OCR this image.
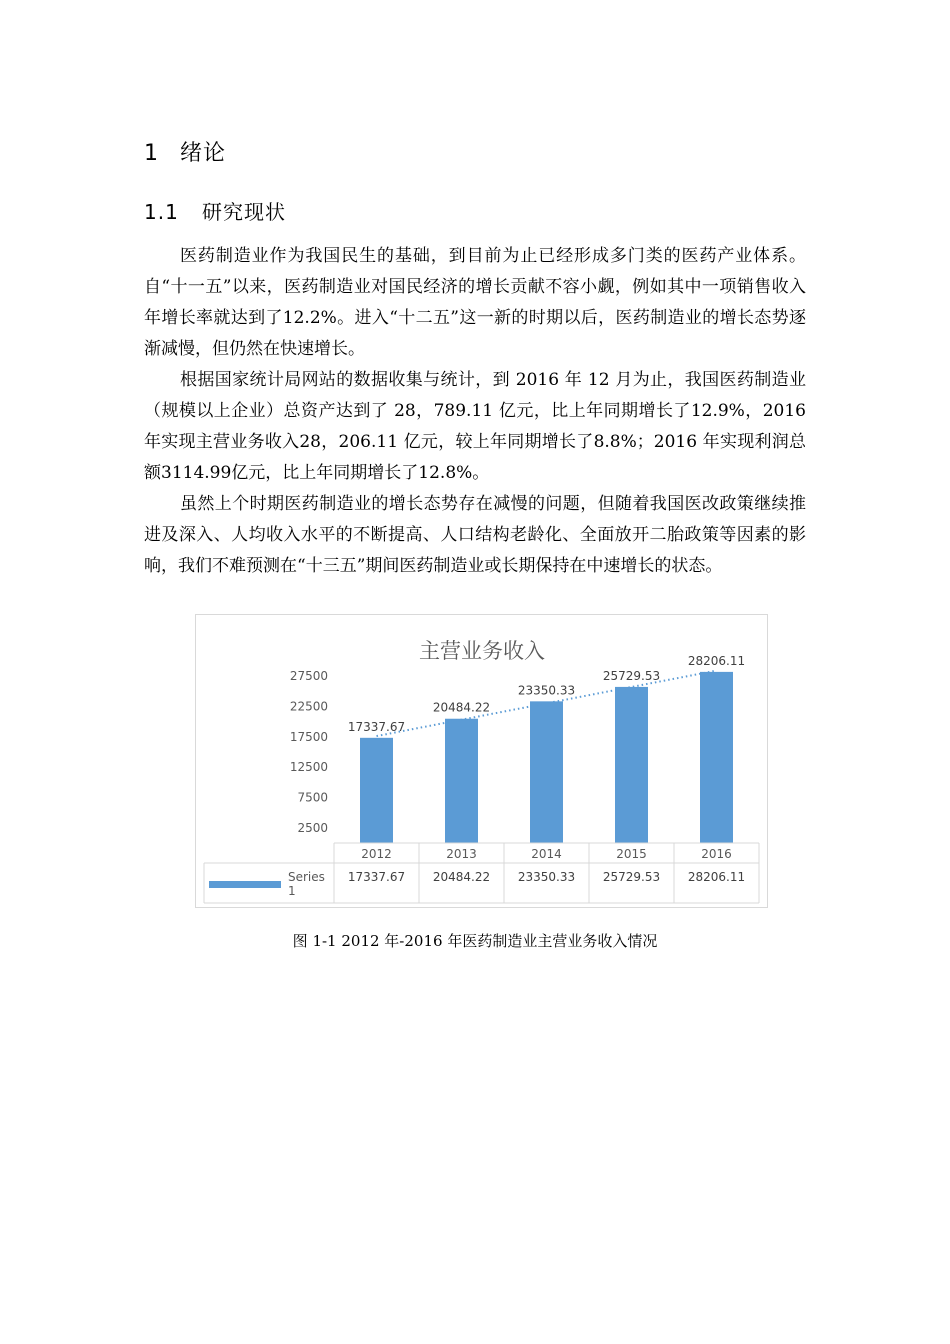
1 绪论
1.1 研究现状

医药制造业作为我国民生的基础，到目前为止已经形成多门类的医药产业体系。自“十一五”以来，医药制造业对国民经济的增长贡献不容小觑，例如其中一项销售收入年增长率就达到了12.2%。进入“十二五”这一新的时期以后，医药制造业的增长态势逐渐减慢，但仍然在快速增长。

根据国家统计局网站的数据收集与统计，到 2016 年 12 月为止，我国医药制造业（规模以上企业）总资产达到了 28，789.11 亿元，比上年同期增长了12.9%，2016 年实现主营业务收入28，206.11 亿元，较上年同期增长了8.8%；2016 年实现利润总额3114.99亿元，比上年同期增长了12.8%。

虽然上个时期医药制造业的增长态势存在减慢的问题，但随着我国医改政策继续推进及深入、人均收入水平的不断提高、人口结构老龄化、全面放开二胎政策等因素的影响，我们不难预测在“十三五”期间医药制造业或长期保持在中速增长的状态。

主营业务收入
2500
7500
12500
17500
22500
27500
17337.67
20484.22
23350.33
25729.53
28206.11
2012	2013	2014	2015	2016
Series
1
17337.67 20484.22 23350.33 25729.53 28206.11
图 1-1 2012 年-2016 年医药制造业主营业务收入情况
